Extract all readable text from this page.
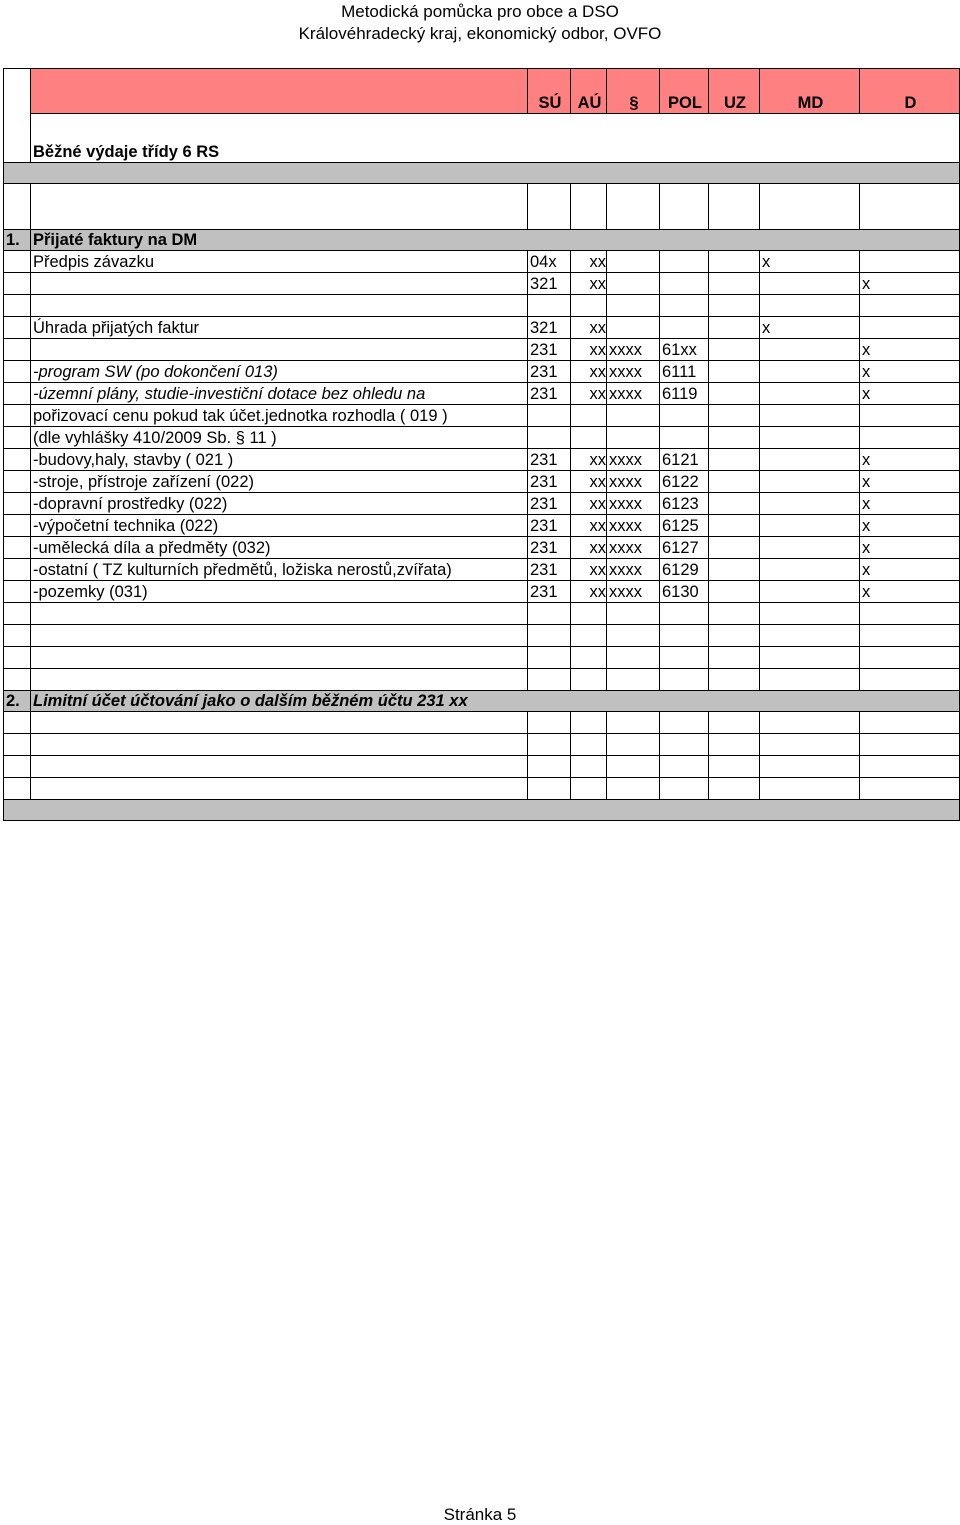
Metodická pomůcka pro obce a DSO
Královéhradecký kraj, ekonomický odbor, OVFO
		SÚ	AÚ	§	POL	UZ	MD	D
	Běžné výdaje třídy 6 RS							

1.	Přijaté faktury na DM							
	Předpis závazku	04x	xx				x	
		321	xx					x

	Úhrada přijatých faktur	321	xx				x	
		231	xx	xxxx	61xx			x
	-program SW (po dokončení 013)	231	xx	xxxx	6111			x
	-územní plány, studie-investiční dotace bez ohledu na	231	xx	xxxx	6119			x
	pořizovací cenu pokud tak účet.jednotka rozhodla ( 019 )							
	(dle vyhlášky 410/2009 Sb. § 11 )							
	-budovy,haly, stavby ( 021 )	231	xx	xxxx	6121			x
	-stroje, přístroje zařízení (022)	231	xx	xxxx	6122			x
	-dopravní prostředky (022)	231	xx	xxxx	6123			x
	-výpočetní technika (022)	231	xx	xxxx	6125			x
	-umělecká díla a předměty (032)	231	xx	xxxx	6127			x
	-ostatní ( TZ kulturních předmětů, ložiska nerostů,zvířata)	231	xx	xxxx	6129			x
	-pozemky (031)	231	xx	xxxx	6130			x

2.	Limitní účet účtování jako o dalším běžném účtu 231 xx							

Stránka 5
